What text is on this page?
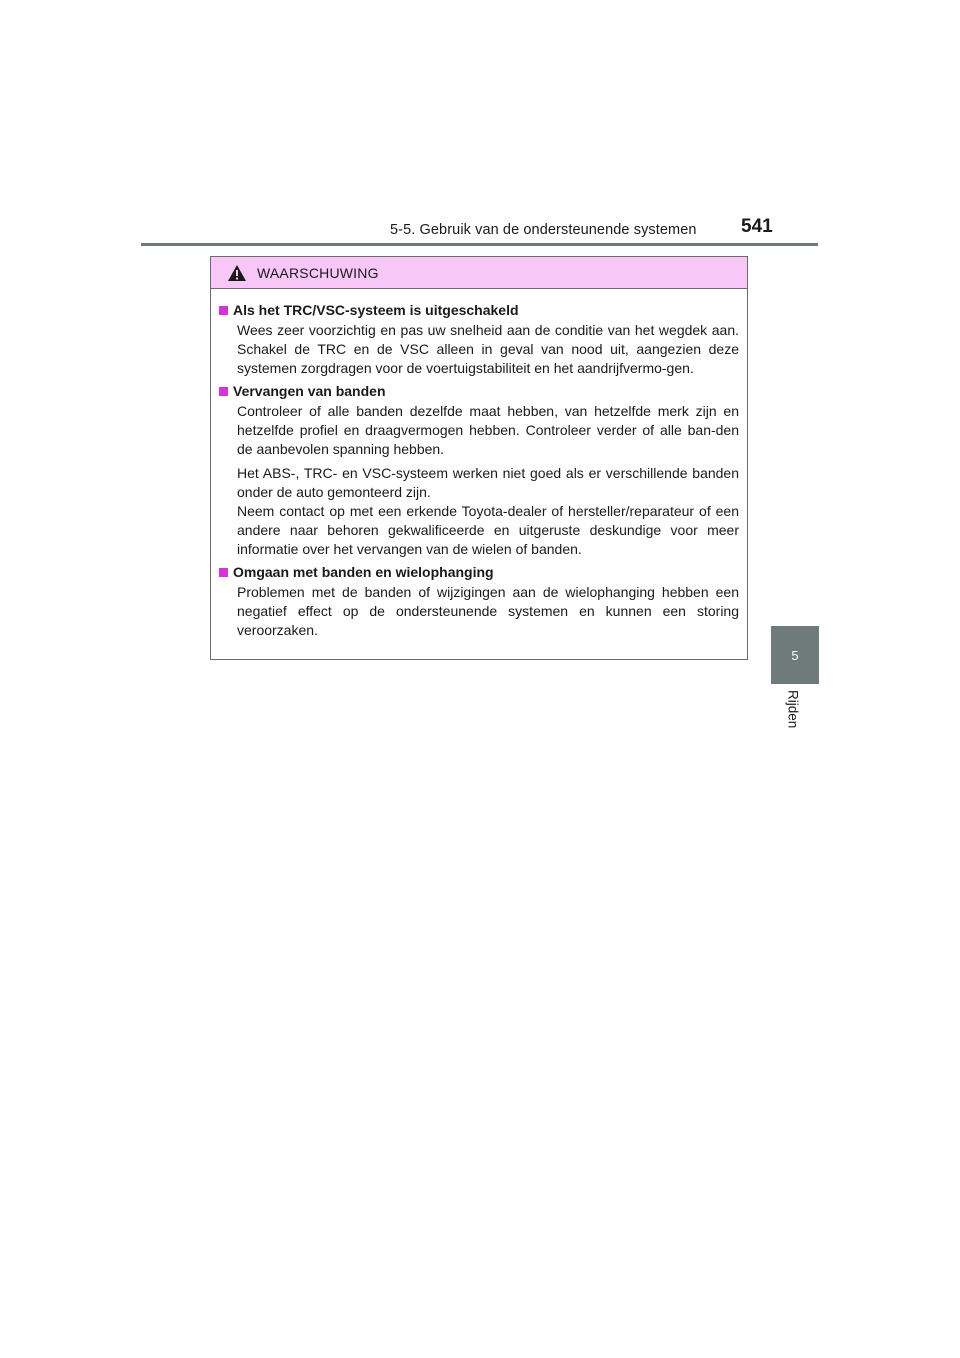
5-5. Gebruik van de ondersteunende systemen 541
5
Rijden
WAARSCHUWING
Als het TRC/VSC-systeem is uitgeschakeld

Wees zeer voorzichtig en pas uw snelheid aan de conditie van het wegdek aan. Schakel de TRC en de VSC alleen in geval van nood uit, aangezien deze systemen zorgdragen voor de voertuigstabiliteit en het aandrijfvermo-gen.

Vervangen van banden

Controleer of alle banden dezelfde maat hebben, van hetzelfde merk zijn en hetzelfde profiel en draagvermogen hebben. Controleer verder of alle ban-den de aanbevolen spanning hebben.

Het ABS-, TRC- en VSC-systeem werken niet goed als er verschillende banden onder de auto gemonteerd zijn.

Neem contact op met een erkende Toyota-dealer of hersteller/reparateur of een andere naar behoren gekwalificeerde en uitgeruste deskundige voor meer informatie over het vervangen van de wielen of banden.

Omgaan met banden en wielophanging

Problemen met de banden of wijzigingen aan de wielophanging hebben een negatief effect op de ondersteunende systemen en kunnen een storing veroorzaken.
